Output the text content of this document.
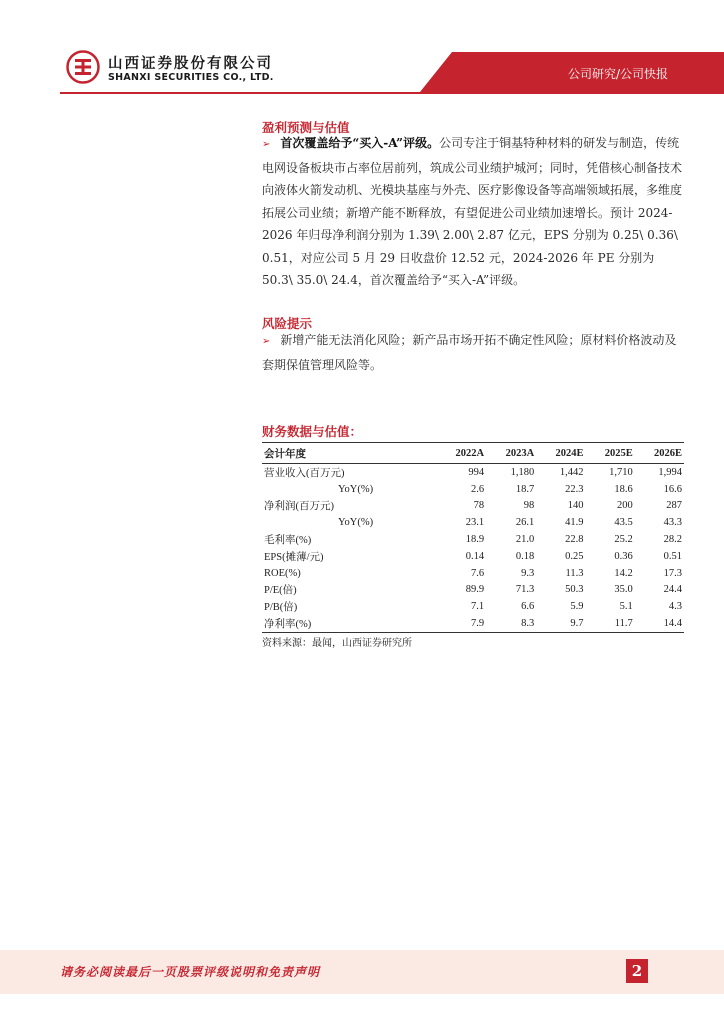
山西证券股份有限公司
SHANXI SECURITIES CO., LTD.	公司研究/公司快报
盈利预测与估值
➢ 首次覆盖给予“买入-A”评级。公司专注于铜基特种材料的研发与制造，传统电网设备板块市占率位居前列，筑成公司业绩护城河；同时，凭借核心制备技术向液体火箭发动机、光模块基座与外壳、医疗影像设备等高端领域拓展，多维度拓展公司业绩；新增产能不断释放，有望促进公司业绩加速增长。预计 2024-2026 年归母净利润分别为 1.39\ 2.00\ 2.87 亿元，EPS 分别为 0.25\ 0.36\ 0.51，对应公司 5 月 29 日收盘价 12.52 元，2024-2026 年 PE 分别为 50.3\ 35.0\ 24.4，首次覆盖给予“买入-A”评级。
风险提示
➢ 新增产能无法消化风险；新产品市场开拓不确定性风险；原材料价格波动及套期保值管理风险等。
财务数据与估值：
会计年度	2022A	2023A	2024E	2025E	2026E
营业收入(百万元)	994	1,180	1,442	1,710	1,994
YoY(%)	2.6	18.7	22.3	18.6	16.6
净利润(百万元)	78	98	140	200	287
YoY(%)	23.1	26.1	41.9	43.5	43.3
毛利率(%)	18.9	21.0	22.8	25.2	28.2
EPS(摊薄/元)	0.14	0.18	0.25	0.36	0.51
ROE(%)	7.6	9.3	11.3	14.2	17.3
P/E(倍)	89.9	71.3	50.3	35.0	24.4
P/B(倍)	7.1	6.6	5.9	5.1	4.3
净利率(%)	7.9	8.3	9.7	11.7	14.4
资料来源：最闻，山西证券研究所
请务必阅读最后一页股票评级说明和免责声明	2
